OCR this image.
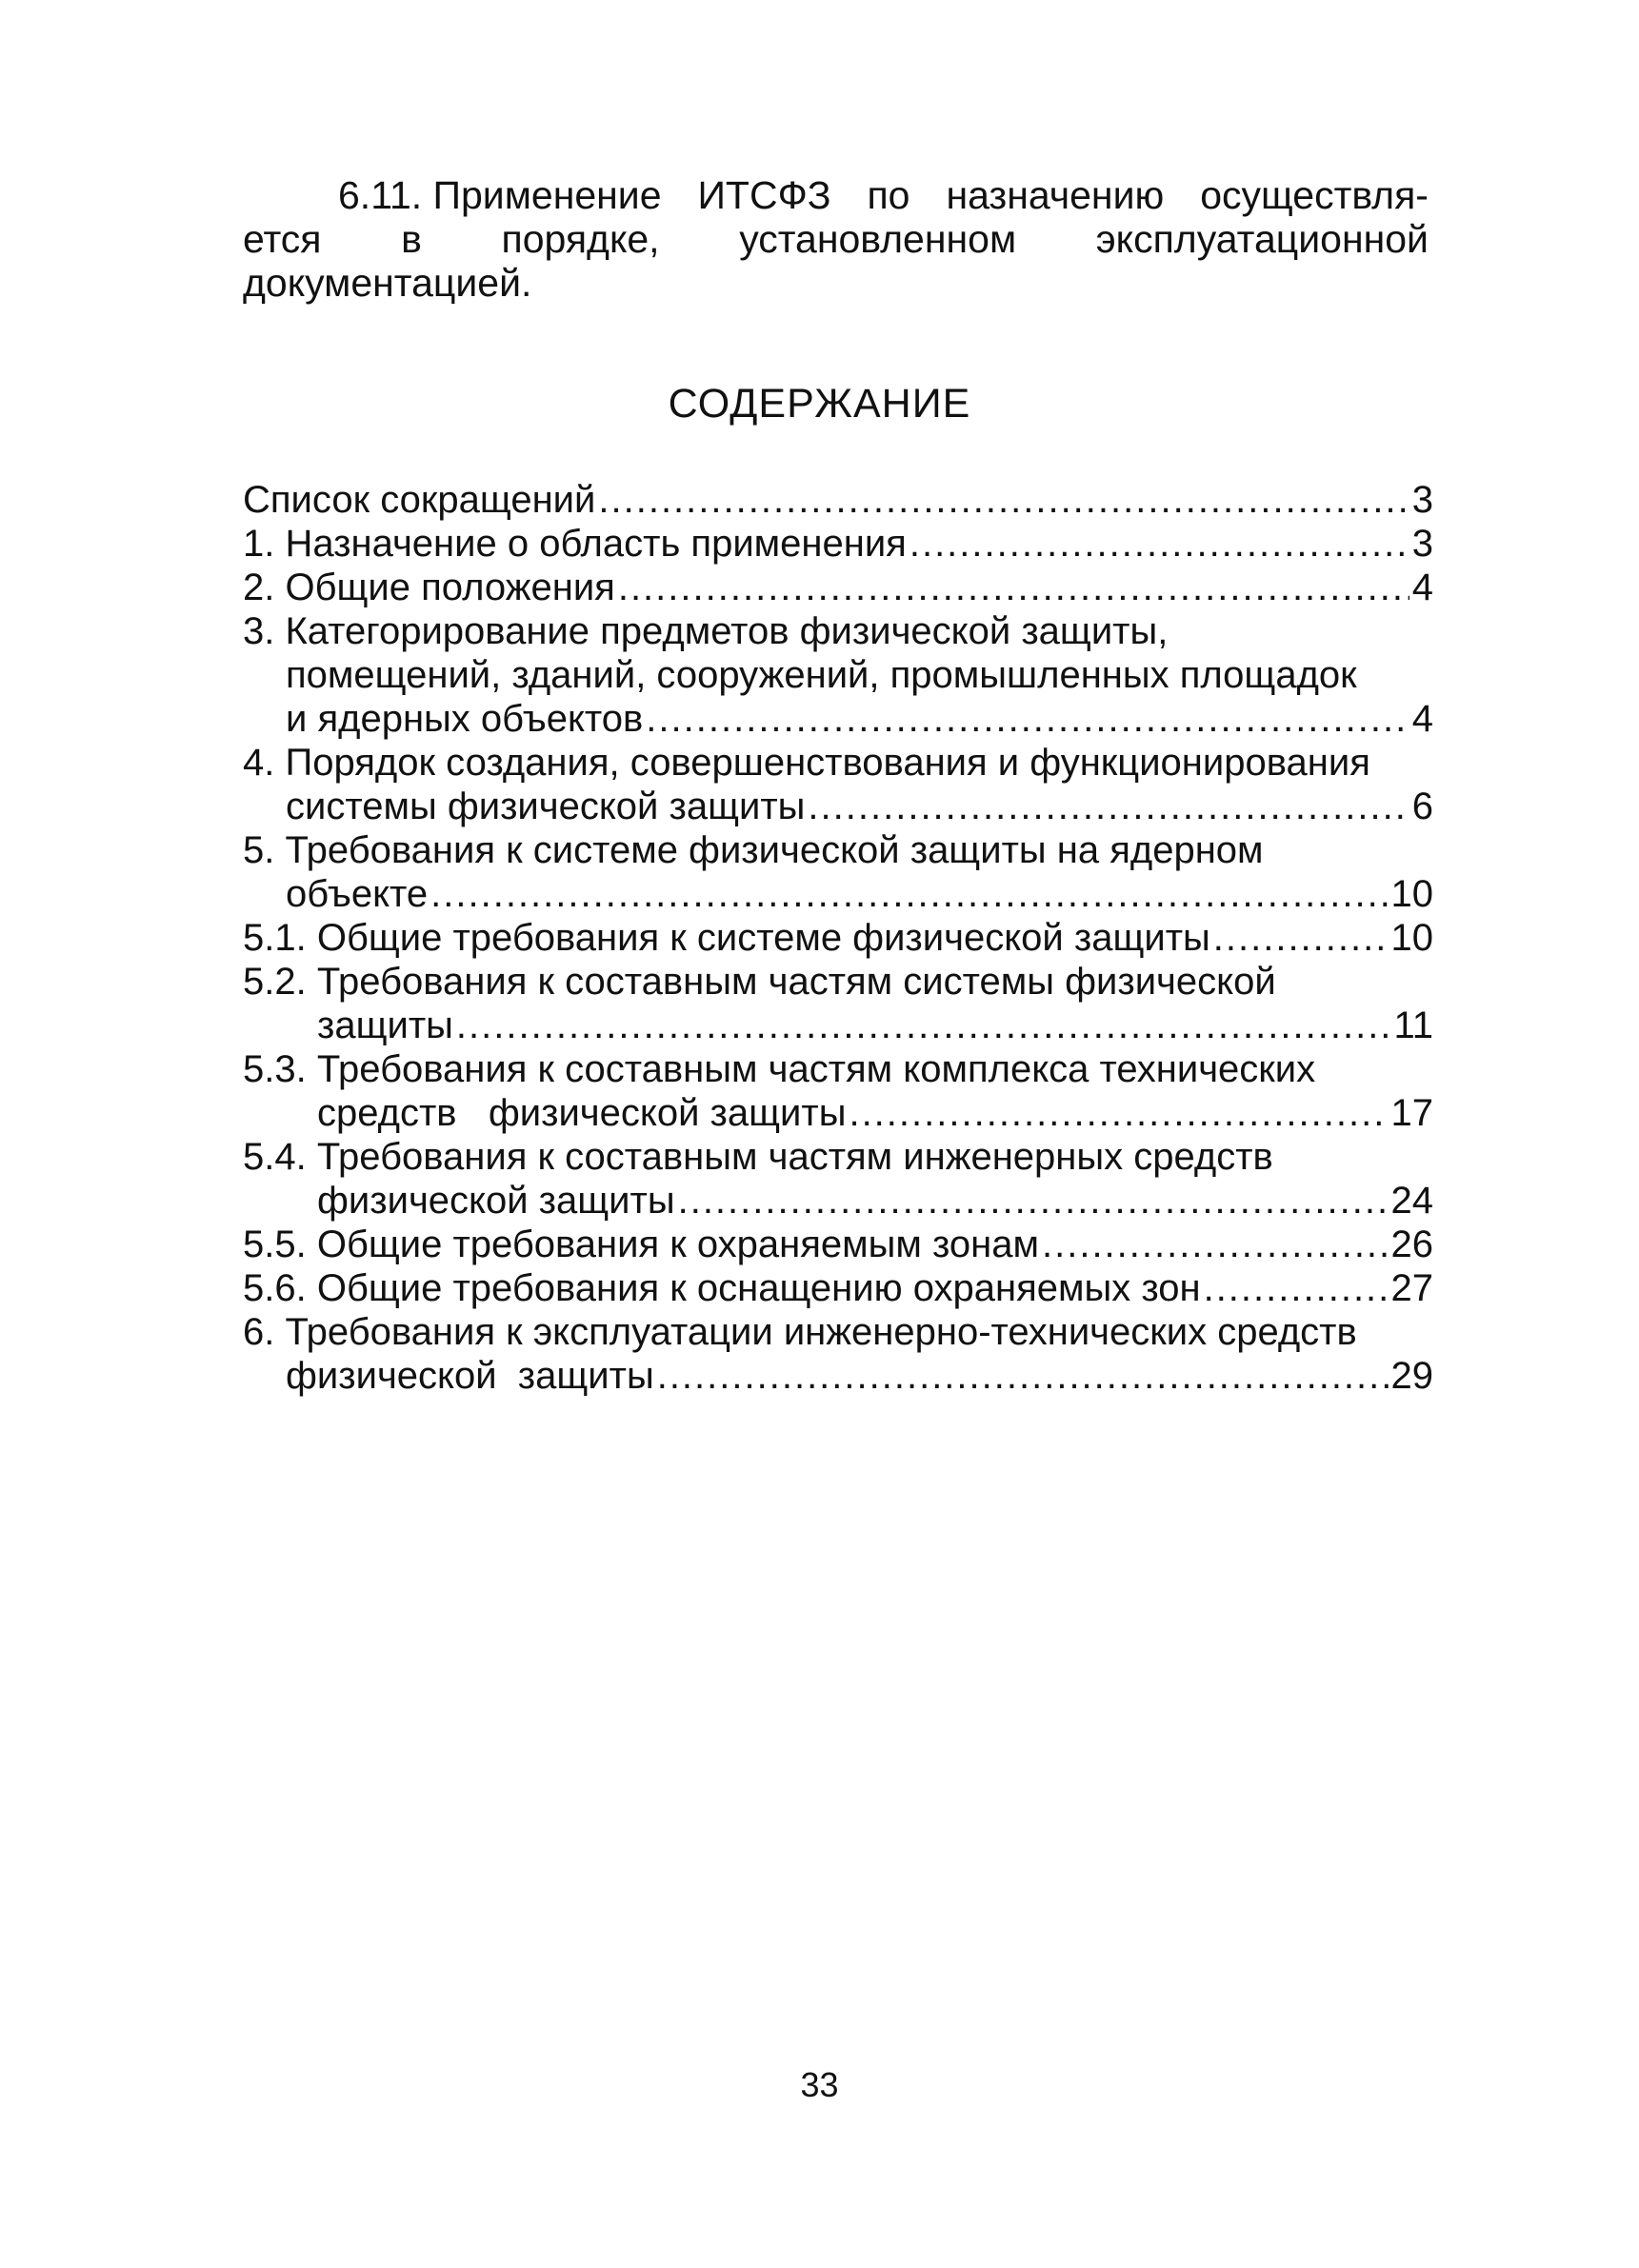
6.11. Применение ИТСФЗ по назначению осуществля-
ется в порядке, установленном эксплуатационной
документацией.
СОДЕРЖАНИЕ
Список сокращений .....	3
1. Назначение о область применения .....	3
2. Общие положения .....	4
3. Категорирование предметов физической защиты,
помещений, зданий, сооружений, промышленных площадок
и ядерных объектов .....	4
4. Порядок создания, совершенствования и функционирования
системы физической защиты .....	6
5. Требования к системе физической защиты на ядерном
объекте .....	10
5.1. Общие требования к системе физической защиты .....	10
5.2. Требования к составным частям системы физической
защиты .....	11
5.3. Требования к составным частям комплекса технических
средств   физической защиты .....	17
5.4. Требования к составным частям инженерных средств
физической защиты .....	24
5.5. Общие требования к охраняемым зонам .....	26
5.6. Общие требования к оснащению охраняемых зон .....	27
6. Требования к эксплуатации инженерно-технических средств
физической  защиты .....	29
33
